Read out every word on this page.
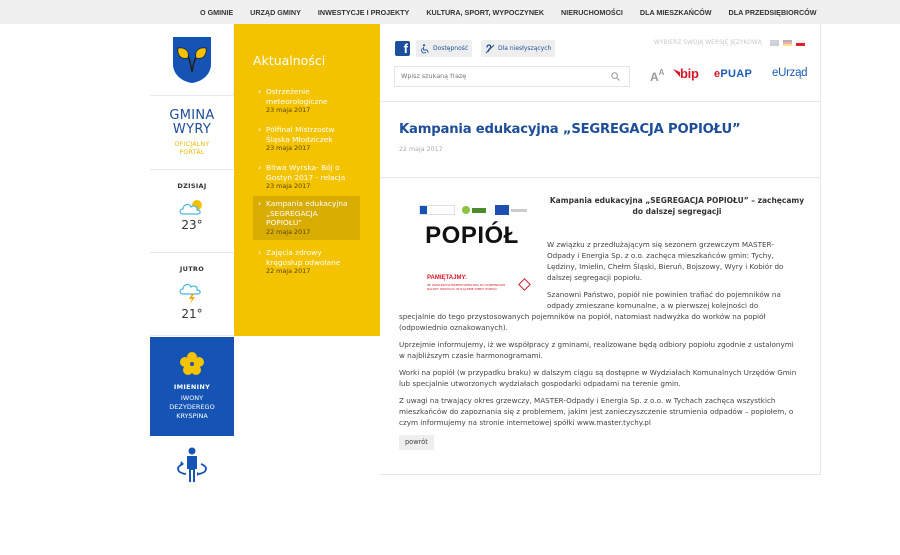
O GMINIE URZĄD GMINY INWESTYCJE I PROJEKTY KULTURA, SPORT, WYPOCZYNEK NIERUCHOMOŚCI DLA MIESZKAŃCÓW DLA PRZEDSIĘBIORCÓW
GMINA
WYRY
OFICJALNY
PORTAL
DZISIAJ
23°
JUTRO
21°
IMIENINY
IWONY
DEZYDEREGO
KRYSPINA
Aktualności
› Ostrzeżenie meteorologiczne
23 maja 2017
› Półfinał Mistrzostw Śląska Młodziczek
23 maja 2017
› Bitwa Wyrska- Bój o Gostyń 2017 - relacja
23 maja 2017
› Kampania edukacyjna „SEGREGACJA POPIOŁU”
22 maja 2017
› Zajęcia zdrowy kręgosłup odwołane
22 maja 2017
f	Dostępność	Dla niesłyszących
Wpisz szukaną frazę
WYBIERZ SWOJĄ WERSJĘ JĘZYKOWĄ
$A^A$	bip ePUAP eUrząd
Kampania edukacyjna „SEGREGACJA POPIOŁU”
22 maja 2017
POPIÓŁ
PAMIĘTAJMY:
ZE WZGLĘDÓW BEZPIECZEŃSTWA DO POJEMNIKÓW NALEŻY WRZUCAĆ WYŁĄCZNIE ZIMNY POPIÓŁ!
Kampania edukacyjna „SEGREGACJA POPIOŁU” – zachęcamy do dalszej segregacji
W związku z przedłużającym się sezonem grzewczym MASTER-Odpady i Energia Sp. z o.o. zachęca mieszkańców gmin: Tychy, Lędziny, Imielin, Chełm Śląski, Bieruń, Bojszowy, Wyry i Kobiór do dalszej segregacji popiołu.
Szanowni Państwo, popiół nie powinien trafiać do pojemników na odpady zmieszane komunalne, a w pierwszej kolejności do
specjalnie do tego przystosowanych pojemników na popiół, natomiast nadwyżka do worków na popiół (odpowiednio oznakowanych).
Uprzejmie informujemy, iż we współpracy z gminami, realizowane będą odbiory popiołu zgodnie z ustalonymi w najbliższym czasie harmonogramami.
Worki na popiół (w przypadku braku) w dalszym ciągu są dostępne w Wydziałach Komunalnych Urzędów Gmin lub specjalnie utworzonych wydziałach gospodarki odpadami na terenie gmin.
Z uwagi na trwający okres grzewczy, MASTER-Odpady i Energia Sp. z o.o. w Tychach zachęca wszystkich mieszkańców do zapoznania się z problemem, jakim jest zanieczyszczenie strumienia odpadów – popiołem, o czym informujemy na stronie internetowej spółki www.master.tychy.pl
powrót
